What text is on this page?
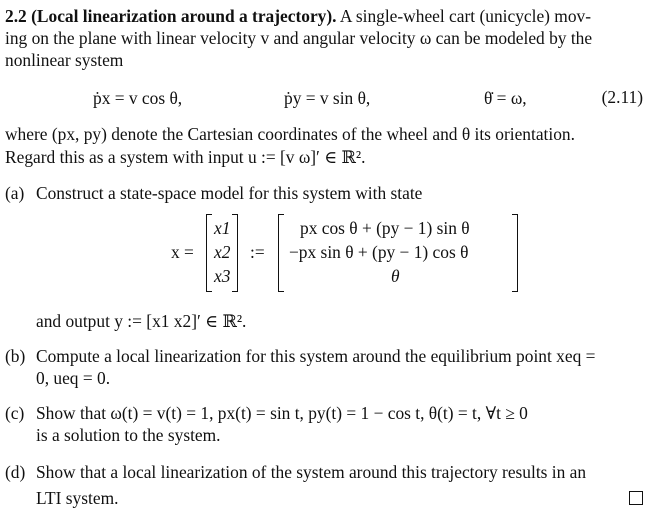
2.2 (Local linearization around a trajectory). A single-wheel cart (unicycle) mov-
ing on the plane with linear velocity v and angular velocity ω can be modeled by the
nonlinear system
ṗx = v cos θ,	ṗy = v sin θ,	θ̇ = ω,	(2.11)
where (px, py) denote the Cartesian coordinates of the wheel and θ its orientation.
Regard this as a system with input u := [v ω]′ ∈ ℝ².
(a) Construct a state-space model for this system with state
x =
x1
x2
x3
:=
px cos θ + (py − 1) sin θ
−px sin θ + (py − 1) cos θ
θ
and output y := [x1 x2]′ ∈ ℝ².
(b) Compute a local linearization for this system around the equilibrium point xeq =
0, ueq = 0.
(c) Show that ω(t) = v(t) = 1, px(t) = sin t, py(t) = 1 − cos t, θ(t) = t, ∀t ≥ 0
is a solution to the system.
(d) Show that a local linearization of the system around this trajectory results in an
LTI system.
